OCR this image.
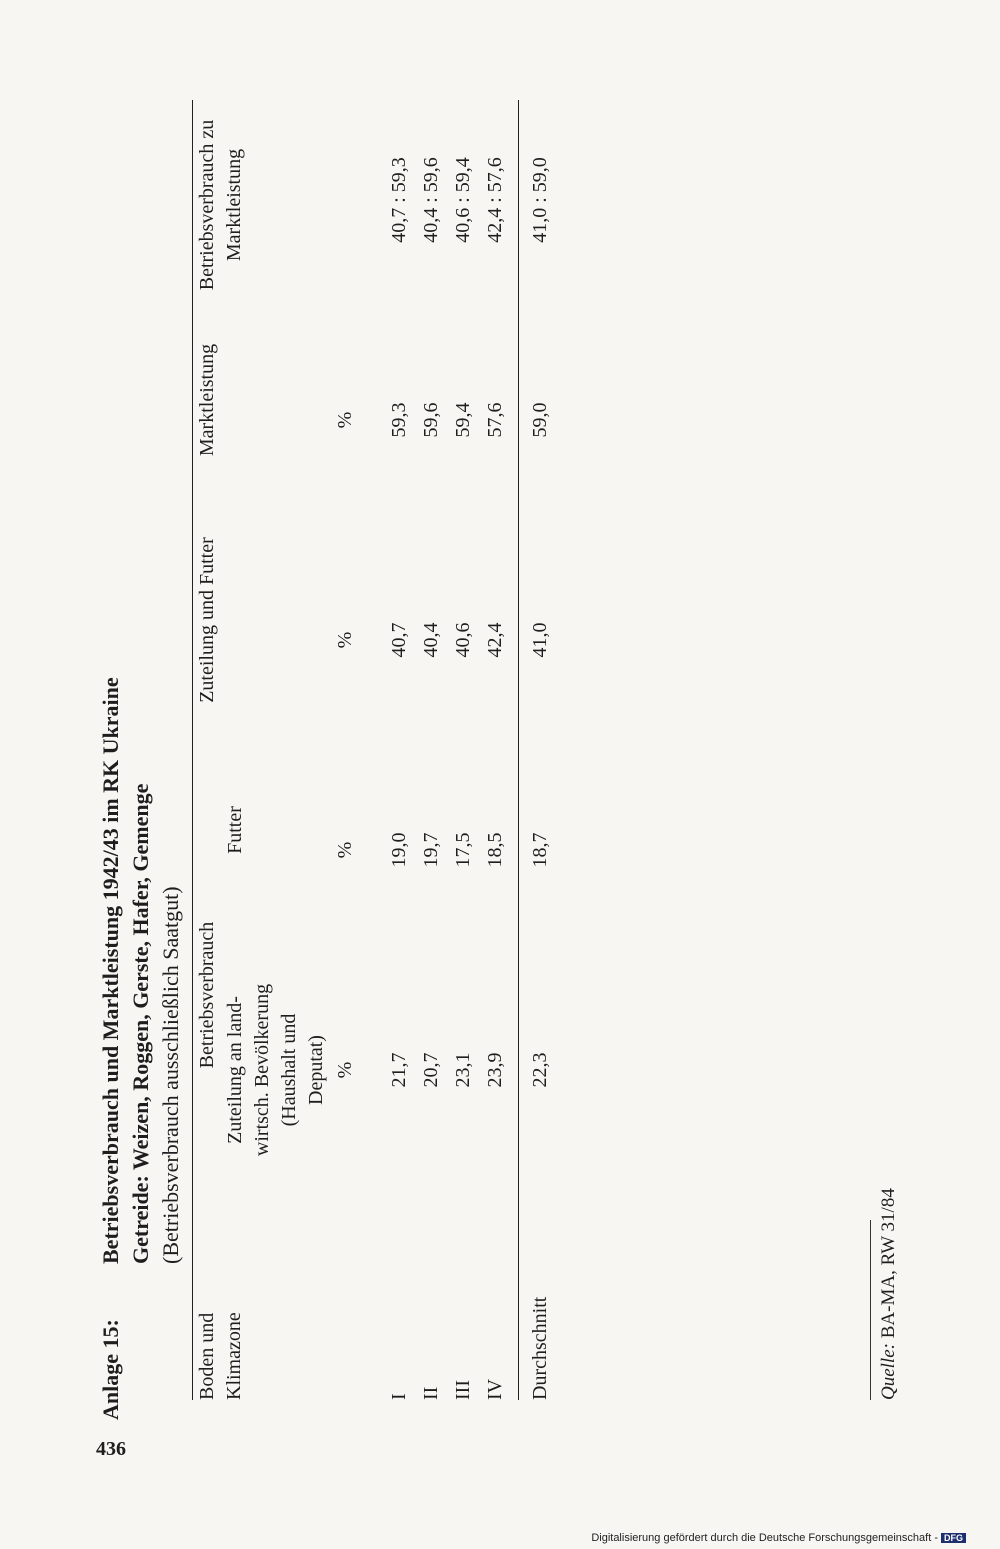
436
Anlage 15:Betriebsverbrauch und Marktleistung 1942/43 im RK Ukraine Getreide: Weizen, Roggen, Gerste, Hafer, Gemenge (Betriebsverbrauch ausschließlich Saatgut)
Boden und Klimazone
Betriebsverbrauch
Zuteilung an land- wirtsch. Bevölkerung (Haushalt und Deputat)
Futter
Zuteilung und Futter
Marktleistung
Betriebsverbrauch zu Marktleistung
%
%
%
%
I
21,7
19,0
40,7
59,3
40,7 : 59,3
II
20,7
19,7
40,4
59,6
40,4 : 59,6
III
23,1
17,5
40,6
59,4
40,6 : 59,4
IV
23,9
18,5
42,4
57,6
42,4 : 57,6
Durchschnitt
22,3
18,7
41,0
59,0
41,0 : 59,0
Quelle: BA-MA, RW 31/84
Digitalisierung gefördert durch die Deutsche Forschungsgemeinschaft - DFG
